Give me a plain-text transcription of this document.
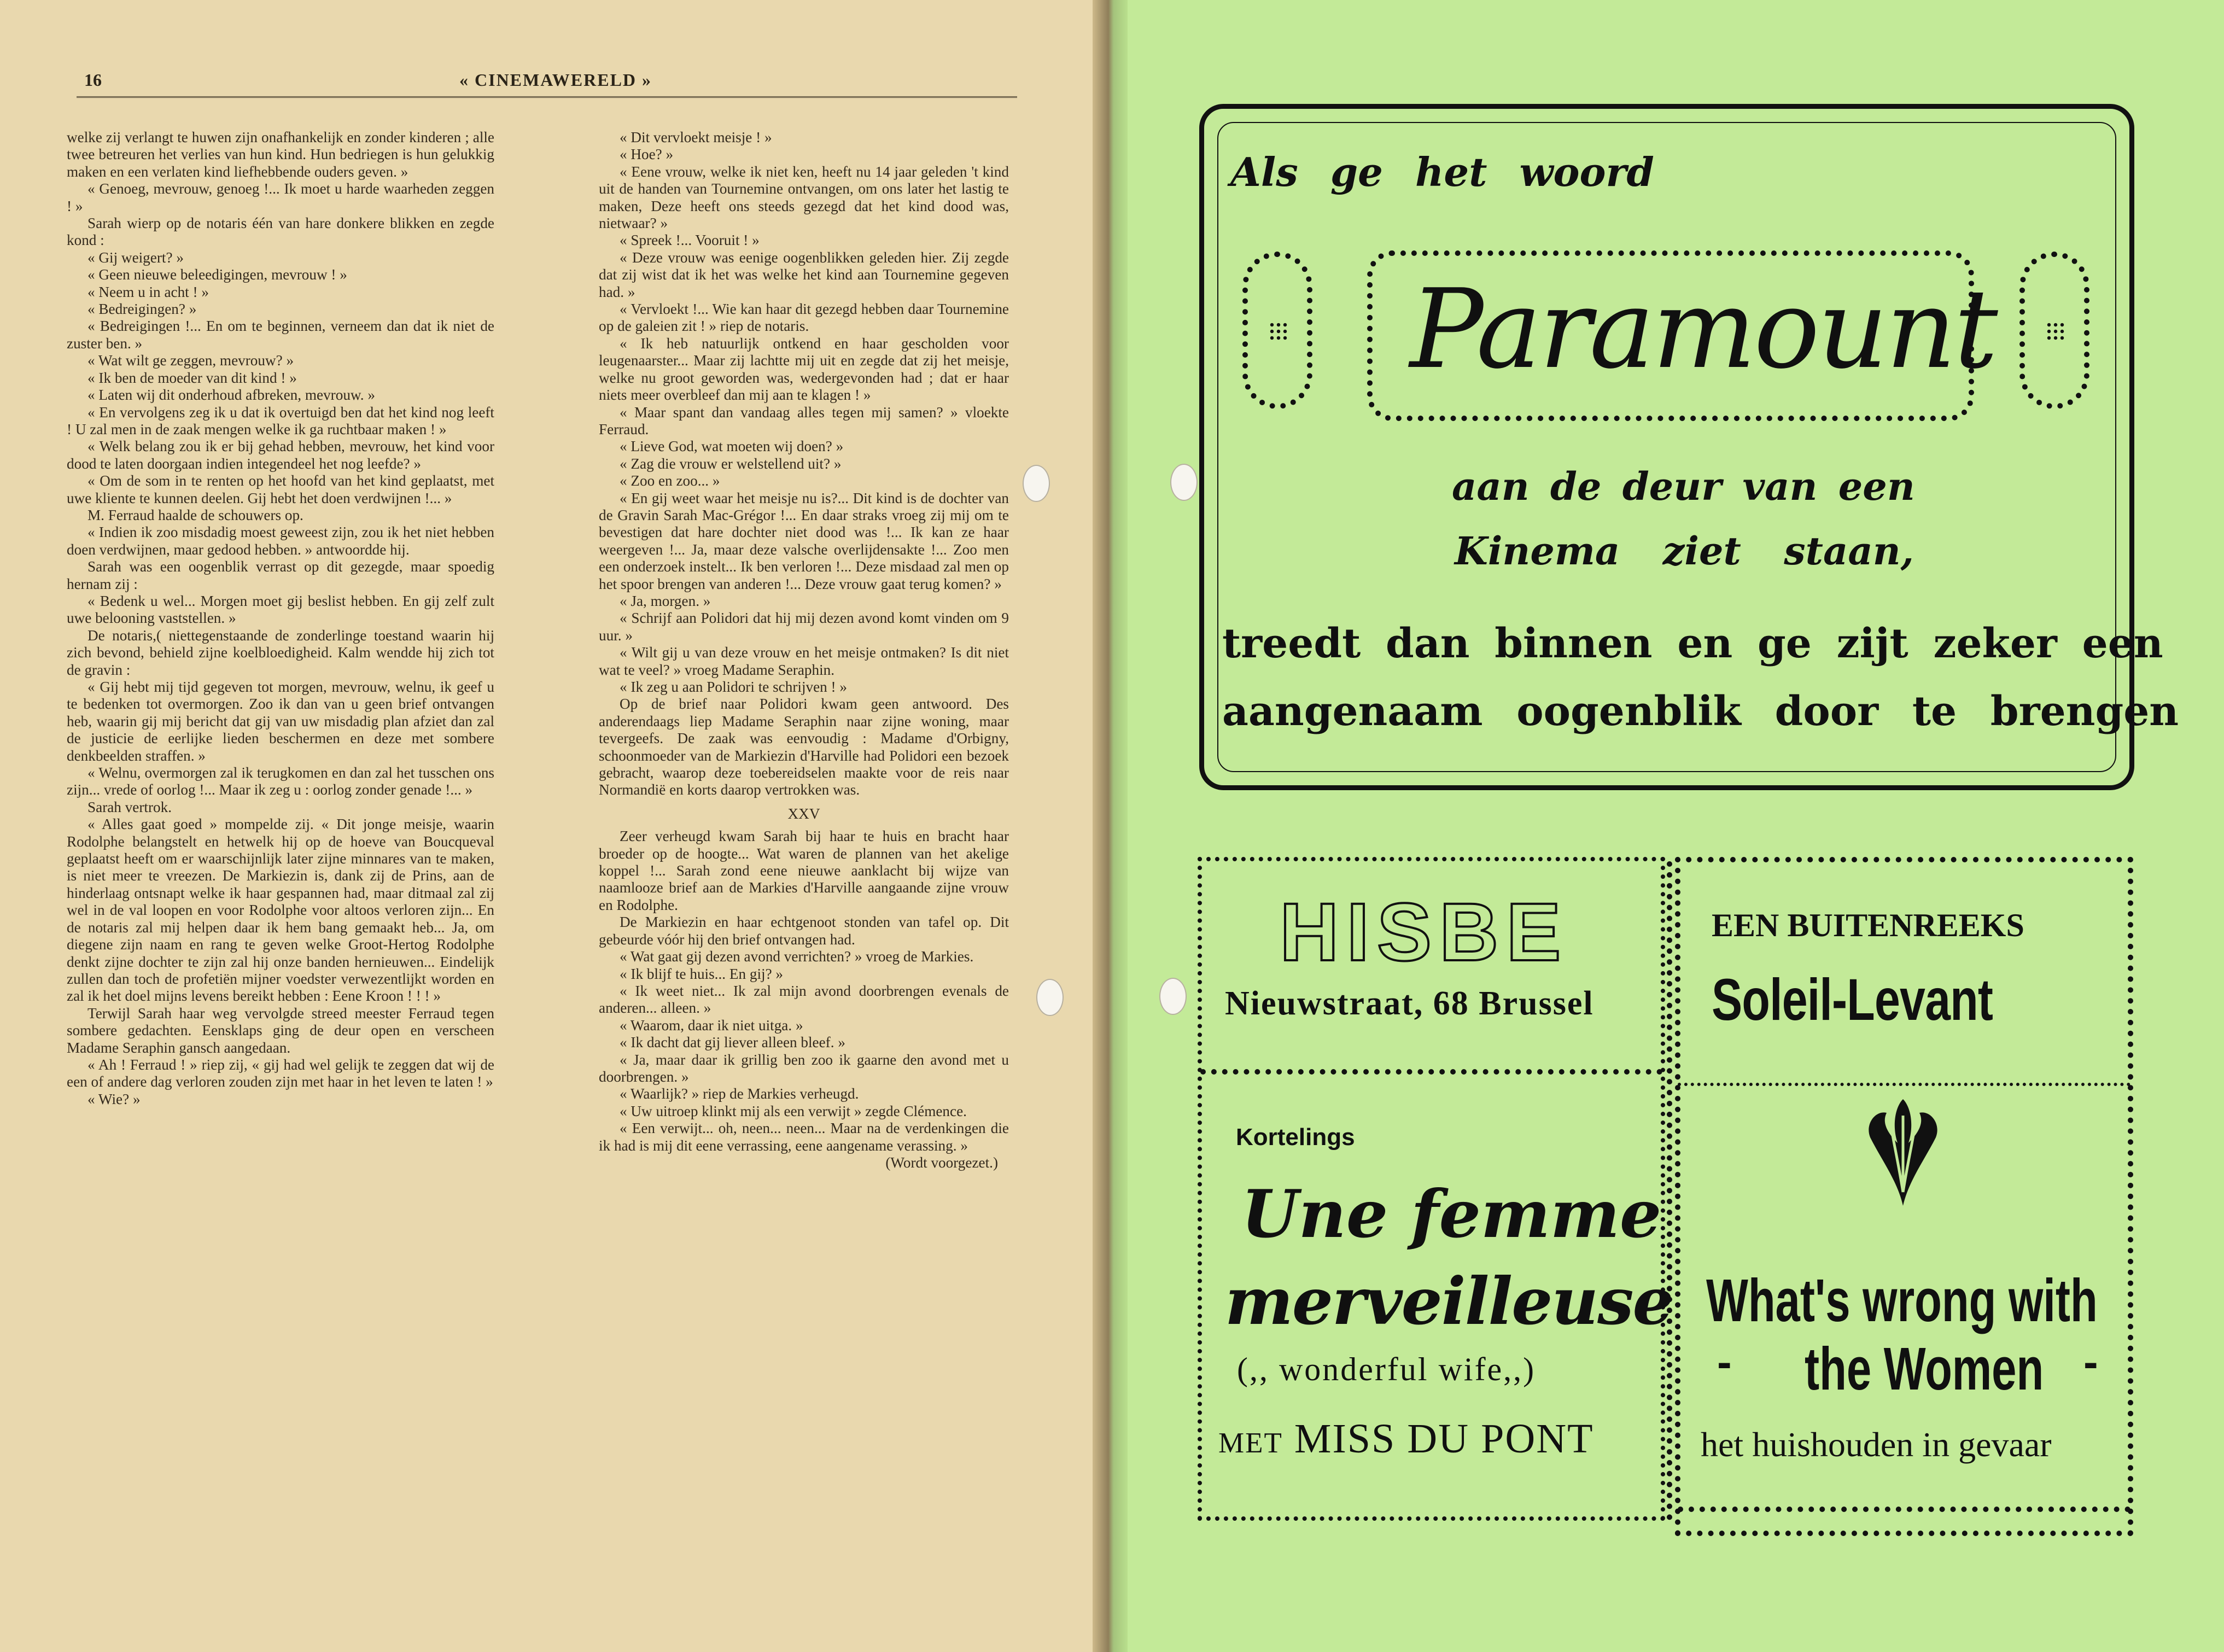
16	« CINEMAWERELD »

welke zij verlangt te huwen zijn onafhankelijk en zonder kinderen ; alle twee betreuren het verlies van hun kind. Hun bedriegen is hun gelukkig maken en een verlaten kind liefhebbende ouders geven. »

« Genoeg, mevrouw, genoeg !... Ik moet u harde waarheden zeggen ! »

Sarah wierp op de notaris één van hare donkere blikken en zegde kond :

« Gij weigert? »

« Geen nieuwe beleedigingen, mevrouw ! »

« Neem u in acht ! »

« Bedreigingen? »

« Bedreigingen !... En om te beginnen, verneem dan dat ik niet de zuster ben. »

« Wat wilt ge zeggen, mevrouw? »

« Ik ben de moeder van dit kind ! »

« Laten wij dit onderhoud afbreken, mevrouw. »

« En vervolgens zeg ik u dat ik overtuigd ben dat het kind nog leeft ! U zal men in de zaak mengen welke ik ga ruchtbaar maken ! »

« Welk belang zou ik er bij gehad hebben, mevrouw, het kind voor dood te laten doorgaan indien integendeel het nog leefde? »

« Om de som in te renten op het hoofd van het kind geplaatst, met uwe kliente te kunnen deelen. Gij hebt het doen verdwijnen !... »

M. Ferraud haalde de schouwers op.

« Indien ik zoo misdadig moest geweest zijn, zou ik het niet hebben doen verdwijnen, maar gedood hebben. » antwoordde hij.

Sarah was een oogenblik verrast op dit gezegde, maar spoedig hernam zij :

« Bedenk u wel... Morgen moet gij beslist hebben. En gij zelf zult uwe belooning vaststellen. »

De notaris,( niettegenstaande de zonderlinge toestand waarin hij zich bevond, behield zijne koelbloedigheid. Kalm wendde hij zich tot de gravin :

« Gij hebt mij tijd gegeven tot morgen, mevrouw, welnu, ik geef u te bedenken tot overmorgen. Zoo ik dan van u geen brief ontvangen heb, waarin gij mij bericht dat gij van uw misdadig plan afziet dan zal de justicie de eerlijke lieden beschermen en deze met sombere denkbeelden straffen. »

« Welnu, overmorgen zal ik terugkomen en dan zal het tusschen ons zijn... vrede of oorlog !... Maar ik zeg u : oorlog zonder genade !... »

Sarah vertrok.

« Alles gaat goed » mompelde zij. « Dit jonge meisje, waarin Rodolphe belangstelt en hetwelk hij op de hoeve van Boucqueval geplaatst heeft om er waarschijnlijk later zijne minnares van te maken, is niet meer te vreezen. De Markiezin is, dank zij de Prins, aan de hinderlaag ontsnapt welke ik haar gespannen had, maar ditmaal zal zij wel in de val loopen en voor Rodolphe voor altoos verloren zijn... En de notaris zal mij helpen daar ik hem bang gemaakt heb... Ja, om diegene zijn naam en rang te geven welke Groot-Hertog Rodolphe denkt zijne dochter te zijn zal hij onze banden hernieuwen... Eindelijk zullen dan toch de profetiën mijner voedster verwezentlijkt worden en zal ik het doel mijns levens bereikt hebben : Eene Kroon ! ! ! »

Terwijl Sarah haar weg vervolgde streed meester Ferraud tegen sombere gedachten. Eensklaps ging de deur open en verscheen Madame Seraphin gansch aangedaan.

« Ah ! Ferraud ! » riep zij, « gij had wel gelijk te zeggen dat wij de een of andere dag verloren zouden zijn met haar in het leven te laten ! »

« Wie? »

« Dit vervloekt meisje ! »

« Hoe? »

« Eene vrouw, welke ik niet ken, heeft nu 14 jaar geleden 't kind uit de handen van Tournemine ontvangen, om ons later het lastig te maken, Deze heeft ons steeds gezegd dat het kind dood was, nietwaar? »

« Spreek !... Vooruit ! »

« Deze vrouw was eenige oogenblikken geleden hier. Zij zegde dat zij wist dat ik het was welke het kind aan Tournemine gegeven had. »

« Vervloekt !... Wie kan haar dit gezegd hebben daar Tournemine op de galeien zit ! » riep de notaris.

« Ik heb natuurlijk ontkend en haar gescholden voor leugenaarster... Maar zij lachtte mij uit en zegde dat zij het meisje, welke nu groot geworden was, wedergevonden had ; dat er haar niets meer overbleef dan mij aan te klagen ! »

« Maar spant dan vandaag alles tegen mij samen? » vloekte Ferraud.

« Lieve God, wat moeten wij doen? »

« Zag die vrouw er welstellend uit? »

« Zoo en zoo... »

« En gij weet waar het meisje nu is?... Dit kind is de dochter van de Gravin Sarah Mac-Grégor !... En daar straks vroeg zij mij om te bevestigen dat hare dochter niet dood was !... Ik kan ze haar weergeven !... Ja, maar deze valsche overlijdensakte !... Zoo men een onderzoek instelt... Ik ben verloren !... Deze misdaad zal men op het spoor brengen van anderen !... Deze vrouw gaat terug komen? »

« Ja, morgen. »

« Schrijf aan Polidori dat hij mij dezen avond komt vinden om 9 uur. »

« Wilt gij u van deze vrouw en het meisje ontmaken? Is dit niet wat te veel? » vroeg Madame Seraphin.

« Ik zeg u aan Polidori te schrijven ! »

Op de brief naar Polidori kwam geen antwoord. Des anderendaags liep Madame Seraphin naar zijne woning, maar tevergeefs. De zaak was eenvoudig : Madame d'Orbigny, schoonmoeder van de Markiezin d'Harville had Polidori een bezoek gebracht, waarop deze toebereidselen maakte voor de reis naar Normandië en korts daarop vertrokken was.

XXV

Zeer verheugd kwam Sarah bij haar te huis en bracht haar broeder op de hoogte... Wat waren de plannen van het akelige koppel !... Sarah zond eene nieuwe aanklacht bij wijze van naamlooze brief aan de Markies d'Harville aangaande zijne vrouw en Rodolphe.

De Markiezin en haar echtgenoot stonden van tafel op. Dit gebeurde vóór hij den brief ontvangen had.

« Wat gaat gij dezen avond verrichten? » vroeg de Markies.

« Ik blijf te huis... En gij? »

« Ik weet niet... Ik zal mijn avond doorbrengen evenals de anderen... alleen. »

« Waarom, daar ik niet uitga. »

« Ik dacht dat gij liever alleen bleef. »

« Ja, maar daar ik grillig ben zoo ik gaarne den avond met u doorbrengen. »

« Waarlijk? » riep de Markies verheugd.

« Uw uitroep klinkt mij als een verwijt » zegde Clémence.

« Een verwijt... oh, neen... neen... Maar na de verdenkingen die ik had is mij dit eene verrassing, eene aangename verassing. »

(Wordt voorgezet.)

Als ge het woord
Paramount
aan de deur van een
Kinema ziet staan,
treedt dan binnen en ge zijt zeker een
aangenaam oogenblik door te brengen
HISBE
Nieuwstraat, 68 Brussel
EEN BUITENREEKS
Soleil-Levant
Kortelings
Une femme
merveilleuse
(,, wonderful wife,,)
met MISS DU PONT
What's wrong with
- the Women -
het huishouden in gevaar
